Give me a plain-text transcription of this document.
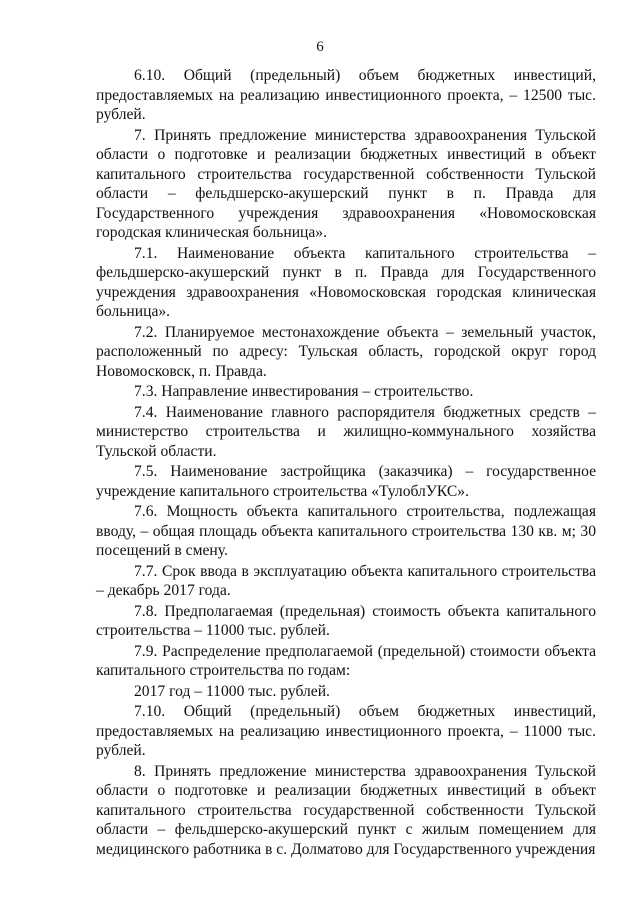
6

6.10. Общий (предельный) объем бюджетных инвестиций, предоставляемых на реализацию инвестиционного проекта, – 12500 тыс. рублей.

7. Принять предложение министерства здравоохранения Тульской области о подготовке и реализации бюджетных инвестиций в объект капитального строительства государственной собственности Тульской области – фельдшерско-акушерский пункт в п. Правда для Государственного учреждения здравоохранения «Новомосковская городская клиническая больница».

7.1. Наименование объекта капитального строительства – фельдшерско-акушерский пункт в п. Правда для Государственного учреждения здравоохранения «Новомосковская городская клиническая больница».

7.2. Планируемое местонахождение объекта – земельный участок, расположенный по адресу: Тульская область, городской округ город Новомосковск, п. Правда.

7.3. Направление инвестирования – строительство.

7.4. Наименование главного распорядителя бюджетных средств – министерство строительства и жилищно-коммунального хозяйства Тульской области.

7.5. Наименование застройщика (заказчика) – государственное учреждение капитального строительства «ТулоблУКС».

7.6. Мощность объекта капитального строительства, подлежащая вводу, – общая площадь объекта капитального строительства 130 кв. м; 30 посещений в смену.

7.7. Срок ввода в эксплуатацию объекта капитального строительства – декабрь 2017 года.

7.8. Предполагаемая (предельная) стоимость объекта капитального строительства – 11000 тыс. рублей.

7.9. Распределение предполагаемой (предельной) стоимости объекта капитального строительства по годам:

2017 год – 11000 тыс. рублей.

7.10. Общий (предельный) объем бюджетных инвестиций, предоставляемых на реализацию инвестиционного проекта, – 11000 тыс. рублей.

8. Принять предложение министерства здравоохранения Тульской области о подготовке и реализации бюджетных инвестиций в объект капитального строительства государственной собственности Тульской области – фельдшерско-акушерский пункт с жилым помещением для медицинского работника в с. Долматово для Государственного учреждения
